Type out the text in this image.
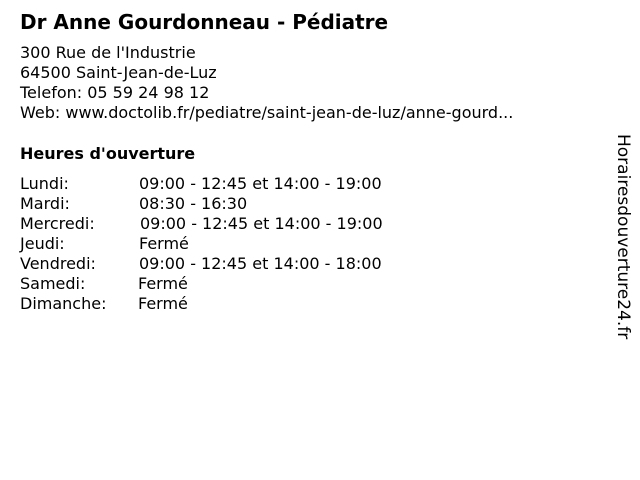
Dr Anne Gourdonneau - Pédiatre
300 Rue de l'Industrie
64500 Saint-Jean-de-Luz
Telefon: 05 59 24 98 12
Web: www.doctolib.fr/pediatre/saint-jean-de-luz/anne-gourd...
Heures d'ouverture
Lundi:	09:00 - 12:45 et 14:00 - 19:00
Mardi:	08:30 - 16:30
Mercredi:	09:00 - 12:45 et 14:00 - 19:00
Jeudi:	Fermé
Vendredi:	09:00 - 12:45 et 14:00 - 18:00
Samedi:	Fermé
Dimanche: Fermé	Horairesdouverture24.fr
